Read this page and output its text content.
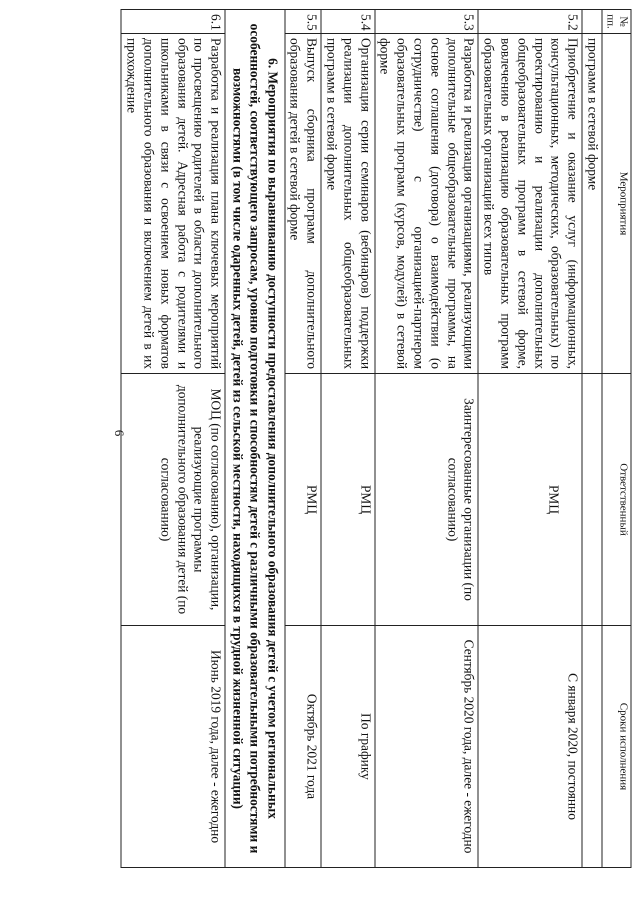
6
№ пп.	Мероприятия	Ответственный	Сроки исполнения
	программ в сетевой форме		
5.2	Приобретение и оказание услуг (информационных, консультационных, методических, образовательных) по проектированию и реализации дополнительных общеобразовательных программ в сетевой форме, вовлечению в реализацию образовательных программ образовательных организаций всех типов	РМЦ	С января 2020, постоянно
5.3	Разработка и реализация организациями, реализующими дополнительные общеобразовательные программы, на основе соглашения (договора) о взаимодействии (о сотрудничестве) с организацией-партнером образовательных программ (курсов, модулей) в сетевой форме	Заинтересованные организации (по согласованию)	Сентябрь 2020 года, далее - ежегодно
5.4	Организация серии семинаров (вебинаров) поддержки реализации дополнительных общеобразовательных программ в сетевой форме	РМЦ	По графику
5.5	Выпуск сборника программ дополнительного образования детей в сетевой форме	РМЦ	Октябрь 2021 года
6. Мероприятия по выравниванию доступности предоставления дополнительного образования детей с учетом региональных особенностей, соответствующего запросам, уровню подготовки и способностям детей с различными образовательными потребностями и возможностями (в том числе одаренных детей, детей из сельской местности, находящихся в трудной жизненной ситуации)			
6.1	Разработка и реализация плана ключевых мероприятий по просвещению родителей в области дополнительного образования детей. Адресная работа с родителями и школьниками в связи с освоением новых форматов дополнительного образования и включением детей в их прохождение	МОЦ (по согласованию), организации, реализующие программы дополнительного образования детей (по согласованию)	Июнь 2019 года, далее - ежегодно
